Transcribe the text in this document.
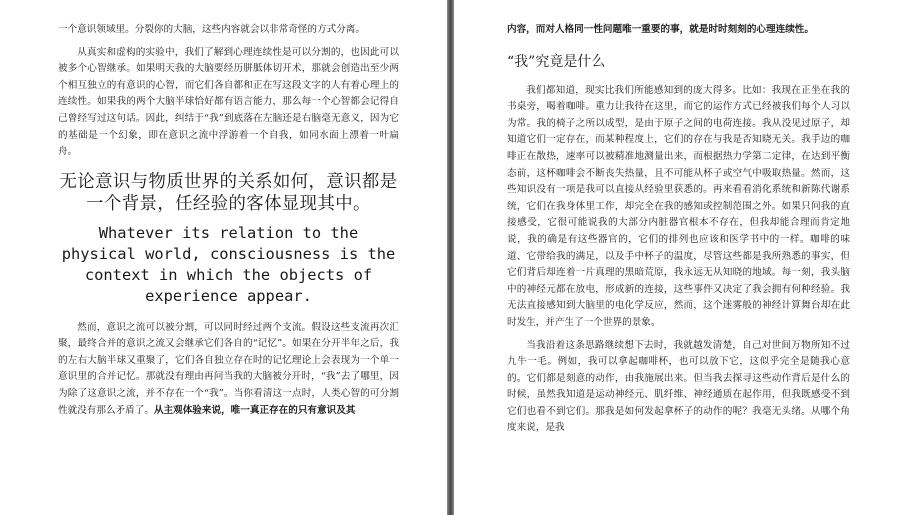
一个意识领域里。分裂你的大脑，这些内容就会以非常奇怪的方式分离。

从真实和虚构的实验中，我们了解到心理连续性是可以分割的，也因此可以被多个心智继承。如果明天我的大脑要经历胼胝体切开术，那就会创造出至少两个相互独立的有意识的心智，而它们各自都和正在写这段文字的人有着心理上的连续性。如果我的两个大脑半球恰好都有语言能力，那么每一个心智都会记得自己曾经写过这句话。因此，纠结于“我”到底落在左脑还是右脑毫无意义，因为它的基础是一个幻象，即在意识之流中浮游着一个自我，如同水面上漂着一叶扁舟。

无论意识与物质世界的关系如何，意识都是一个背景，任经验的客体显现其中。
Whatever its relation to the physical world, consciousness is the context in which the objects of experience appear.

然而，意识之流可以被分割，可以同时经过两个支流。假设这些支流再次汇聚，最终合并的意识之流又会继承它们各自的“记忆”。如果在分开半年之后，我的左右大脑半球又重聚了，它们各自独立存在时的记忆理论上会表现为一个单一意识里的合并记忆。那就没有理由再问当我的大脑被分开时，“我”去了哪里，因为除了这意识之流，并不存在一个“我”。当你看清这一点时，人类心智的可分割性就没有那么矛盾了。从主观体验来说，唯一真正存在的只有意识及其

内容，而对人格同一性问题唯一重要的事，就是时时刻刻的心理连续性。

“我”究竟是什么

我们都知道，现实比我们所能感知到的庞大得多。比如：我现在正坐在我的书桌旁，喝着咖啡。重力让我待在这里，而它的运作方式已经被我们每个人习以为常。我的椅子之所以成型，是由于原子之间的电荷连接。我从没见过原子，却知道它们一定存在，而某种程度上，它们的存在与我是否知晓无关。我手边的咖啡正在散热，速率可以被精准地测量出来，而根据热力学第二定律，在达到平衡态前，这杯咖啡会不断丧失热量，且不可能从杯子或空气中吸取热量。然而，这些知识没有一项是我可以直接从经验里获悉的。再来看看消化系统和新陈代谢系统，它们在我身体里工作，却完全在我的感知或控制范围之外。如果只问我的直接感受，它很可能说我的大部分内脏器官根本不存在，但我却能合理而肯定地说，我的确是有这些器官的，它们的排列也应该和医学书中的一样。咖啡的味道、它带给我的满足，以及手中杯子的温度，尽管这些都是我所熟悉的事实，但它们背后却连着一片真理的黑暗荒原，我永远无从知晓的地域。每一刻，我头脑中的神经元都在放电，形成新的连接，这些事件又决定了我会拥有何种经验。我无法直接感知到大脑里的电化学反应，然而，这个迷雾般的神经计算舞台却在此时发生，并产生了一个世界的景象。

当我沿着这条思路继续想下去时，我就越发清楚，自己对世间万物所知不过九牛一毛。例如，我可以拿起咖啡杯，也可以放下它，这似乎完全是随我心意的。它们都是刻意的动作，由我施展出来。但当我去探寻这些动作背后是什么的时候，虽然我知道是运动神经元、肌纤维、神经通质在起作用，但我既感受不到它们也看不到它们。那我是如何发起拿杯子的动作的呢？我毫无头绪。从哪个角度来说，是我
